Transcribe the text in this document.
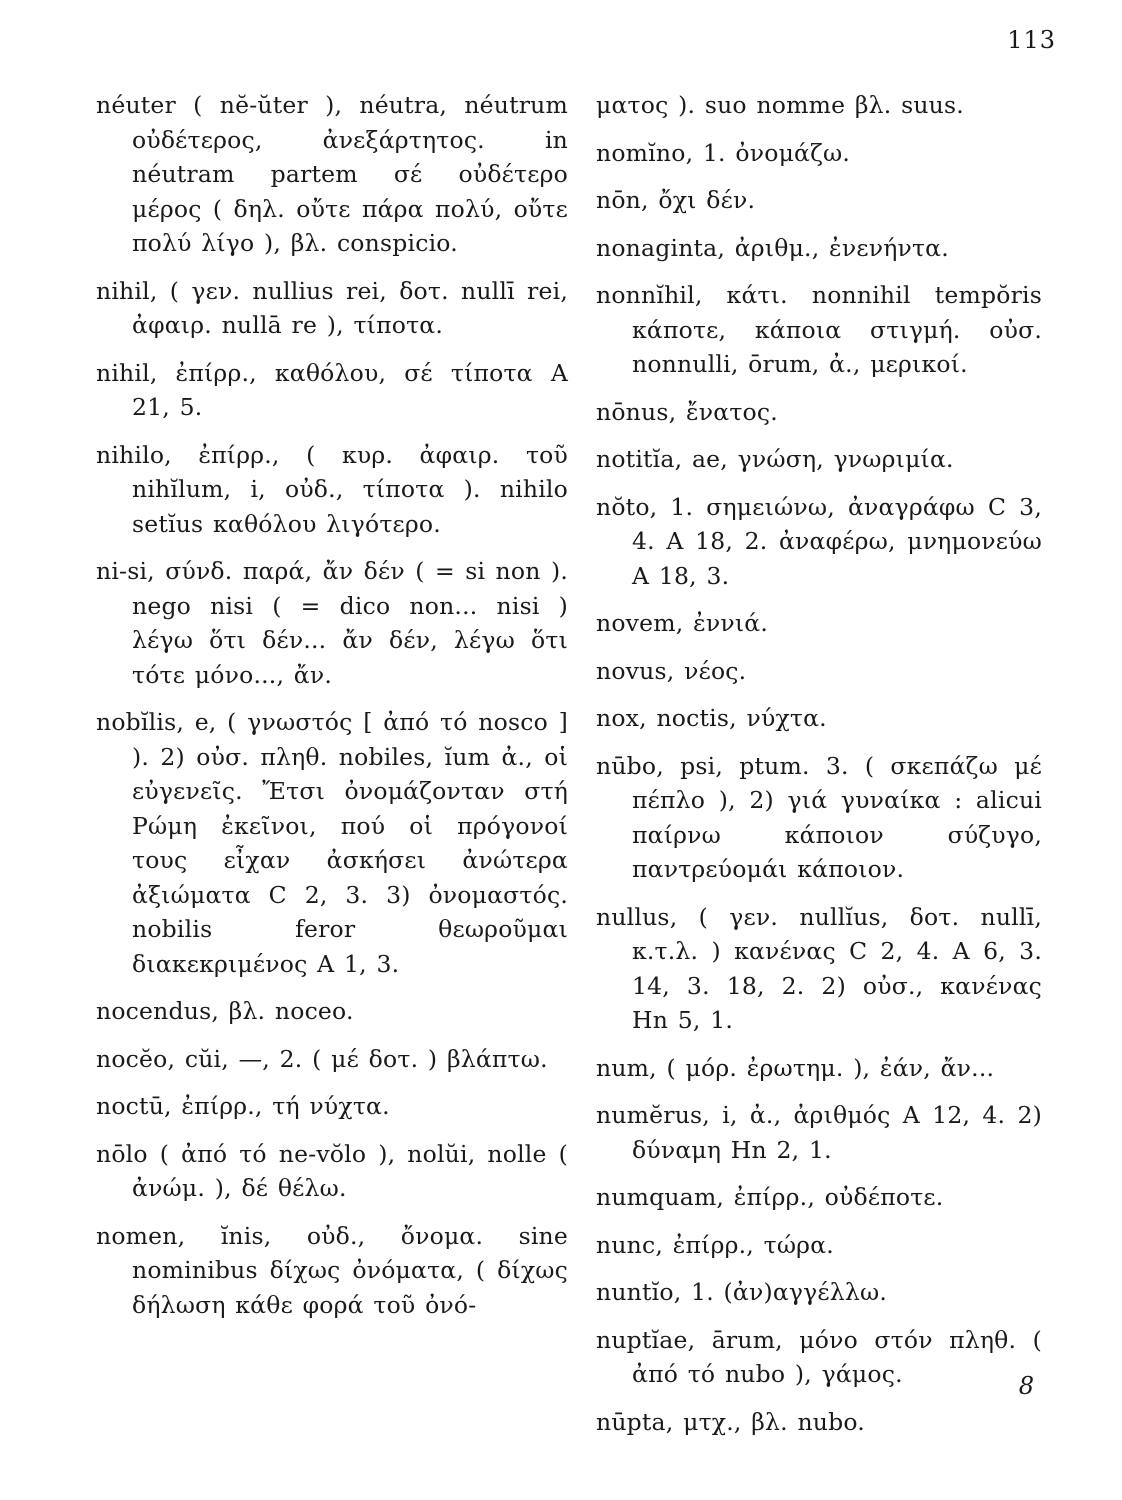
113

néuter ( nĕ-ŭter ), néutra, néutrum οὐδέτερος, ἀνεξάρτητος. in néutram partem σέ οὐδέτερο μέρος ( δηλ. οὔτε πάρα πολύ, οὔτε πολύ λίγο ), βλ. conspicio.

nihil, ( γεν. nullius rei, δοτ. nullī rei, ἀφαιρ. nullā re ), τίποτα.

nihil, ἐπίρρ., καθόλου, σέ τίποτα A 21, 5.

nihilo, ἐπίρρ., ( κυρ. ἀφαιρ. τοῦ nihĭlum, i, οὐδ., τίποτα ). nihilo setĭus καθόλου λιγότερο.

ni-si, σύνδ. παρά, ἄν δέν ( = si non ). nego nisi ( = dico non... nisi ) λέγω ὅτι δέν... ἄν δέν, λέγω ὅτι τότε μόνο..., ἄν.

nobĭlis, e, ( γνωστός [ ἀπό τό nosco ] ). 2) οὐσ. πληθ. nobiles, ĭum ἀ., οἱ εὐγενεῖς. Ἔτσι ὀνομάζονταν στή Ρώμη ἐκεῖνοι, πού οἱ πρόγονοί τους εἶχαν ἀσκήσει ἀνώτερα ἀξιώματα C 2, 3. 3) ὀνομαστός. nobilis feror θεωροῦμαι διακεκριμένος A 1, 3.

nocendus, βλ. noceo.

nocĕo, cŭi, —, 2. ( μέ δοτ. ) βλάπτω.

noctū, ἐπίρρ., τή νύχτα.

nōlo ( ἀπό τό ne-vŏlo ), nolŭi, nolle ( ἀνώμ. ), δέ θέλω.

nomen, ĭnis, οὐδ., ὄνομα. sine nominibus δίχως ὀνόματα, ( δίχως δήλωση κάθε φορά τοῦ ὀνό-

ματος ). suo nomme βλ. suus.

nomĭno, 1. ὀνομάζω.

nōn, ὄχι δέν.

nonaginta, ἀριθμ., ἐνενήντα.

nonnĭhil, κάτι. nonnihil tempŏris κάποτε, κάποια στιγμή. οὐσ. nonnulli, ōrum, ἀ., μερικοί.

nōnus, ἔνατος.

notitĭa, ae, γνώση, γνωριμία.

nŏto, 1. σημειώνω, ἀναγράφω C 3, 4. A 18, 2. ἀναφέρω, μνημονεύω A 18, 3.

novem, ἐννιά.

novus, νέος.

nox, noctis, νύχτα.

nūbo, psi, ptum. 3. ( σκεπάζω μέ πέπλο ), 2) γιά γυναίκα : alicui παίρνω κάποιον σύζυγο, παντρεύομάι κάποιον.

nullus, ( γεν. nullĭus, δοτ. nullī, κ.τ.λ. ) κανένας C 2, 4. A 6, 3. 14, 3. 18, 2. 2) οὐσ., κανένας Hn 5, 1.

num, ( μόρ. ἐρωτημ. ), ἐάν, ἄν...

numĕrus, i, ἀ., ἀριθμός A 12, 4. 2) δύναμη Hn 2, 1.

numquam, ἐπίρρ., οὐδέποτε.

nunc, ἐπίρρ., τώρα.

nuntĭo, 1. (ἀν)αγγέλλω.

nuptĭae, ārum, μόνο στόν πληθ. ( ἀπό τό nubo ), γάμος.

nūpta, μτχ., βλ. nubo.

8
